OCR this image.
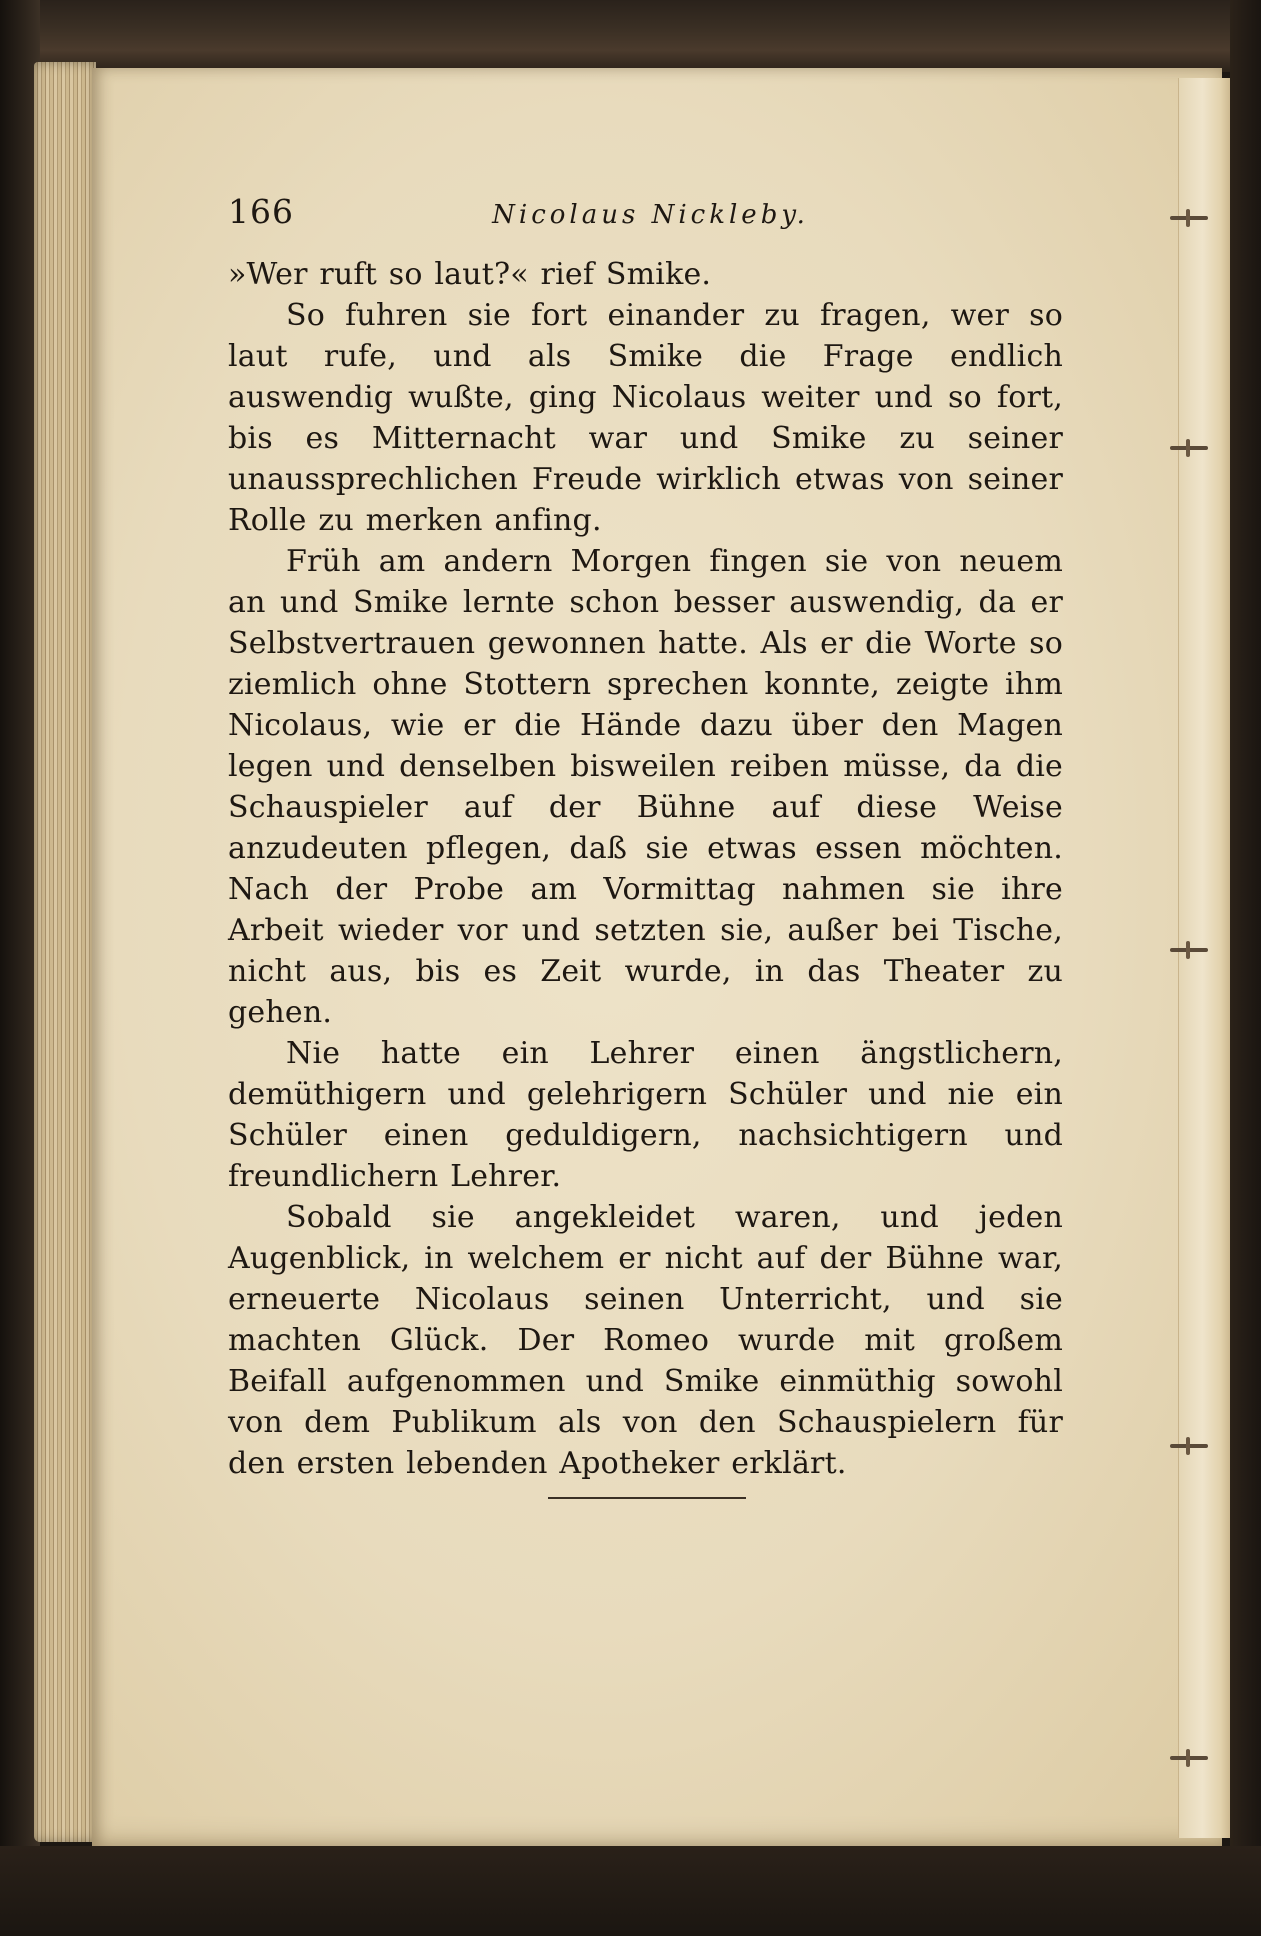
166	Nicolaus Nickleby.

»Wer ruft so laut?« rief Smike.

So fuhren sie fort einander zu fragen, wer so laut rufe, und als Smike die Frage endlich auswendig wußte, ging Nicolaus weiter und so fort, bis es Mitternacht war und Smike zu seiner unaussprechlichen Freude wirklich etwas von seiner Rolle zu merken anfing.

Früh am andern Morgen fingen sie von neuem an und Smike lernte schon besser auswendig, da er Selbstvertrauen gewonnen hatte. Als er die Worte so ziemlich ohne Stottern sprechen konnte, zeigte ihm Nicolaus, wie er die Hände dazu über den Magen legen und denselben bisweilen reiben müsse, da die Schauspieler auf der Bühne auf diese Weise anzudeuten pflegen, daß sie etwas essen möchten. Nach der Probe am Vormittag nahmen sie ihre Arbeit wieder vor und setzten sie, außer bei Tische, nicht aus, bis es Zeit wurde, in das Theater zu gehen.

Nie hatte ein Lehrer einen ängstlichern, demüthigern und gelehrigern Schüler und nie ein Schüler einen geduldigern, nachsichtigern und freundlichern Lehrer.

Sobald sie angekleidet waren, und jeden Augenblick, in welchem er nicht auf der Bühne war, erneuerte Nicolaus seinen Unterricht, und sie machten Glück. Der Romeo wurde mit großem Beifall aufgenommen und Smike einmüthig sowohl von dem Publikum als von den Schauspielern für den ersten lebenden Apotheker erklärt.
